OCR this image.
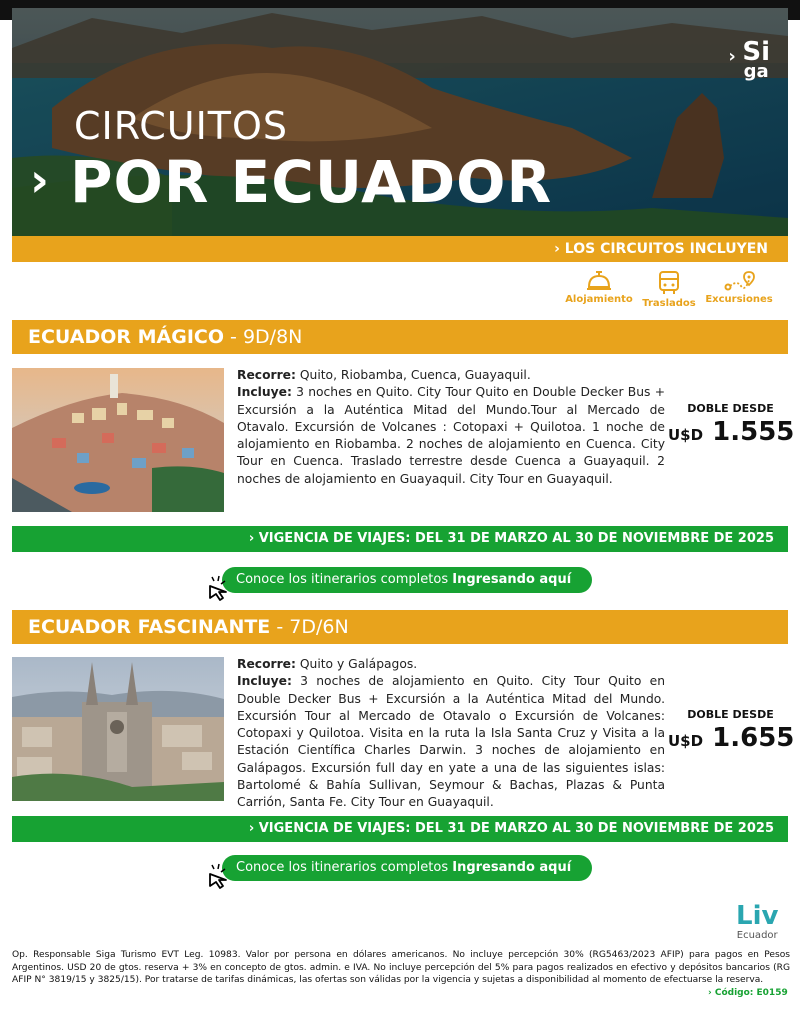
CIRCUITOS
› POR ECUADOR
› Si
ga
› LOS CIRCUITOS INCLUYEN
Alojamiento Traslados Excursiones
ECUADOR MÁGICO - 9D/8N
Recorre: Quito, Riobamba, Cuenca, Guayaquil.
Incluye: 3 noches en Quito. City Tour Quito en Double Decker Bus + Excursión a la Auténtica Mitad del Mundo.Tour al Mercado de Otavalo. Excursión de Volcanes : Cotopaxi + Quilotoa. 1 noche de alojamiento en Riobamba. 2 noches de alojamiento en Cuenca. City Tour en Cuenca. Traslado terrestre desde Cuenca a Guayaquil. 2 noches de alojamiento en Guayaquil. City Tour en Guayaquil.
DOBLE DESDE
U$D 1.555
› VIGENCIA DE VIAJES: DEL 31 DE MARZO AL 30 DE NOVIEMBRE DE 2025
Conoce los itinerarios completos Ingresando aquí
ECUADOR FASCINANTE - 7D/6N
Recorre: Quito y Galápagos.
Incluye: 3 noches de alojamiento en Quito. City Tour Quito en Double Decker Bus + Excursión a la Auténtica Mitad del Mundo. Excursión Tour al Mercado de Otavalo o Excursión de Volcanes: Cotopaxi y Quilotoa. Visita en la ruta la Isla Santa Cruz y Visita a la Estación Científica Charles Darwin. 3 noches de alojamiento en Galápagos. Excursión full day en yate a una de las siguientes islas: Bartolomé & Bahía Sullivan, Seymour & Bachas, Plazas & Punta Carrión, Santa Fe. City Tour en Guayaquil.
DOBLE DESDE
U$D 1.655
› VIGENCIA DE VIAJES: DEL 31 DE MARZO AL 30 DE NOVIEMBRE DE 2025
Conoce los itinerarios completos Ingresando aquí
Liv
Ecuador
Op. Responsable Siga Turismo EVT Leg. 10983. Valor por persona en dólares americanos. No incluye percepción 30% (RG5463/2023 AFIP) para pagos en Pesos Argentinos. USD 20 de gtos. reserva + 3% en concepto de gtos. admin. e IVA. No incluye percepción del 5% para pagos realizados en efectivo y depósitos bancarios (RG AFIP N° 3819/15 y 3825/15). Por tratarse de tarifas dinámicas, las ofertas son válidas por la vigencia y sujetas a disponibilidad al momento de efectuarse la reserva.
› Código: E0159
